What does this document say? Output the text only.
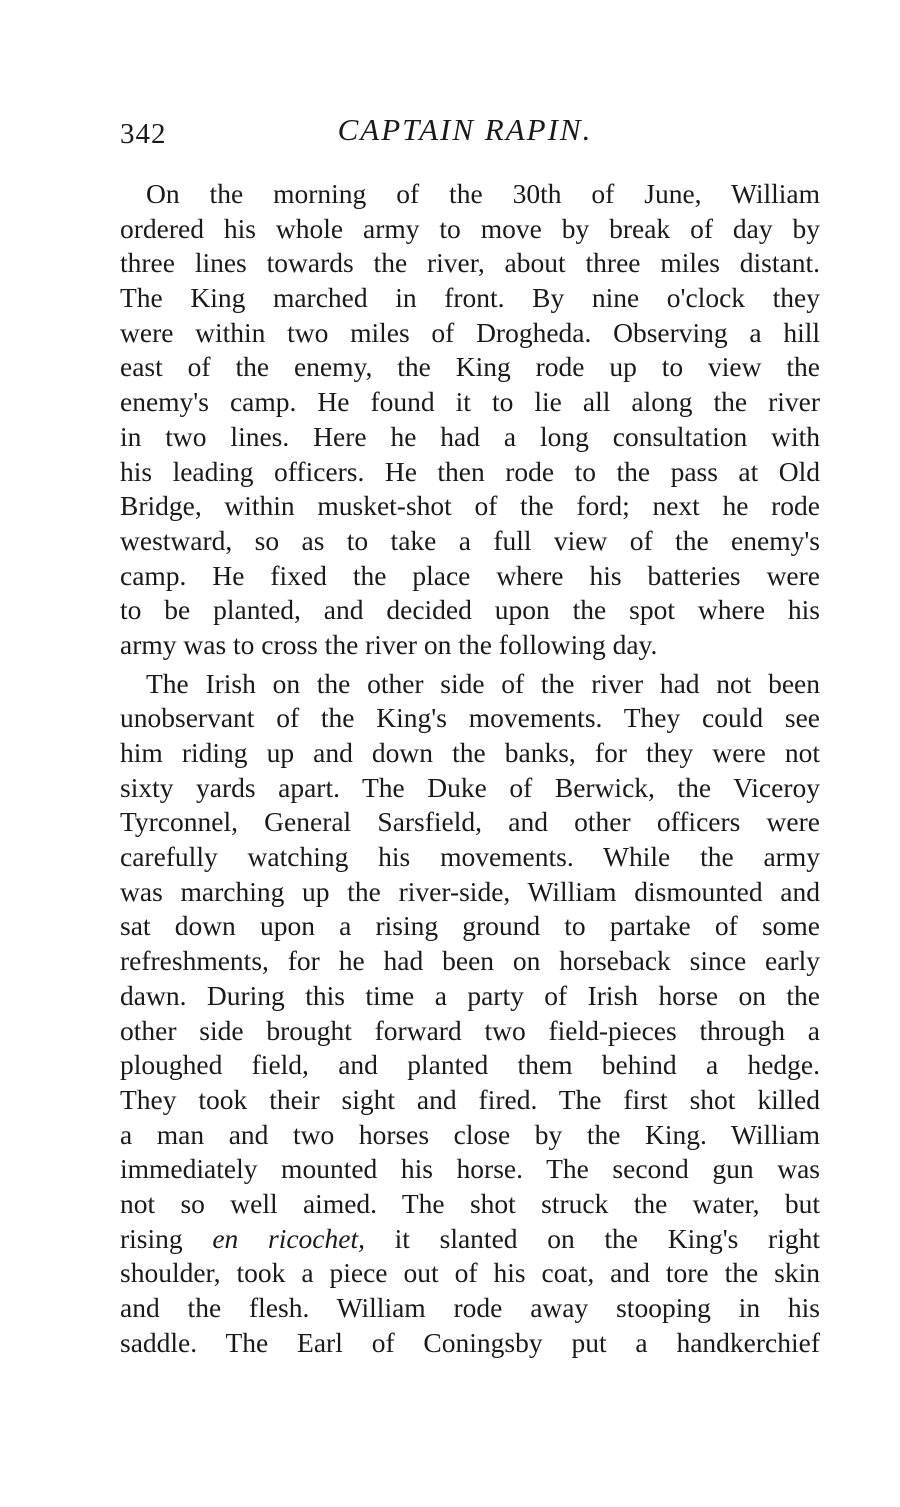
342	CAPTAIN RAPIN.
On the morning of the 30th of June, William
ordered his whole army to move by break of day by
three lines towards the river, about three miles distant.
The King marched in front. By nine o'clock they
were within two miles of Drogheda. Observing a hill
east of the enemy, the King rode up to view the
enemy's camp. He found it to lie all along the river
in two lines. Here he had a long consultation with
his leading officers. He then rode to the pass at Old
Bridge, within musket-shot of the ford; next he rode
westward, so as to take a full view of the enemy's
camp. He fixed the place where his batteries were
to be planted, and decided upon the spot where his
army was to cross the river on the following day.
The Irish on the other side of the river had not been
unobservant of the King's movements. They could see
him riding up and down the banks, for they were not
sixty yards apart. The Duke of Berwick, the Viceroy
Tyrconnel, General Sarsfield, and other officers were
carefully watching his movements. While the army
was marching up the river-side, William dismounted and
sat down upon a rising ground to partake of some
refreshments, for he had been on horseback since early
dawn. During this time a party of Irish horse on the
other side brought forward two field-pieces through a
ploughed field, and planted them behind a hedge.
They took their sight and fired. The first shot killed
a man and two horses close by the King. William
immediately mounted his horse. The second gun was
not so well aimed. The shot struck the water, but
rising en ricochet, it slanted on the King's right
shoulder, took a piece out of his coat, and tore the skin
and the flesh. William rode away stooping in his
saddle. The Earl of Coningsby put a handkerchief
